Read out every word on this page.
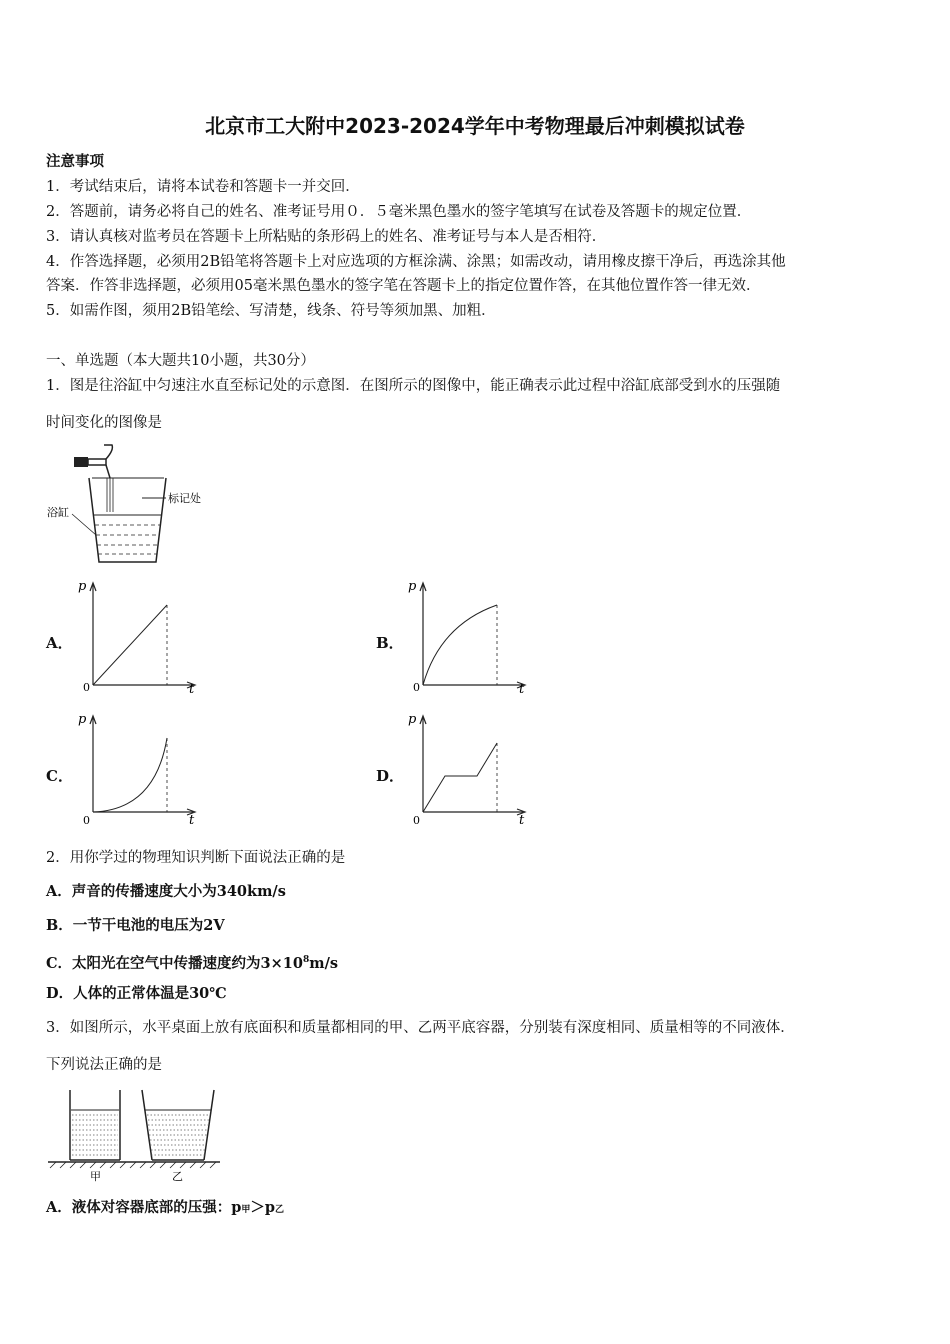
北京市工大附中2023-2024学年中考物理最后冲刺模拟试卷
注意事项
1．考试结束后，请将本试卷和答题卡一并交回．
2．答题前，请务必将自己的姓名、准考证号用０．５毫米黑色墨水的签字笔填写在试卷及答题卡的规定位置．
3．请认真核对监考员在答题卡上所粘贴的条形码上的姓名、准考证号与本人是否相符．
4．作答选择题，必须用2B铅笔将答题卡上对应选项的方框涂满、涂黑；如需改动，请用橡皮擦干净后，再选涂其他
答案．作答非选择题，必须用05毫米黑色墨水的签字笔在答题卡上的指定位置作答，在其他位置作答一律无效．
5．如需作图，须用2B铅笔绘、写清楚，线条、符号等须加黑、加粗．
一、单选题（本大题共10小题，共30分）
1．图是往浴缸中匀速注水直至标记处的示意图．在图所示的图像中，能正确表示此过程中浴缸底部受到水的压强随
时间变化的图像是
标记处
浴缸
A．
p
t
0
B．
p
t
0
C．
p
t
0
D．
p
t
0
2．用你学过的物理知识判断下面说法正确的是
A．声音的传播速度大小为340km/s
B．一节干电池的电压为2V
C．太阳光在空气中传播速度约为$3\times 10^8m/s$
D．人体的正常体温是30℃
3．如图所示，水平桌面上放有底面积和质量都相同的甲、乙两平底容器，分别装有深度相同、质量相等的不同液体．
下列说法正确的是
甲	乙
A．液体对容器底部的压强：p甲＞p乙
